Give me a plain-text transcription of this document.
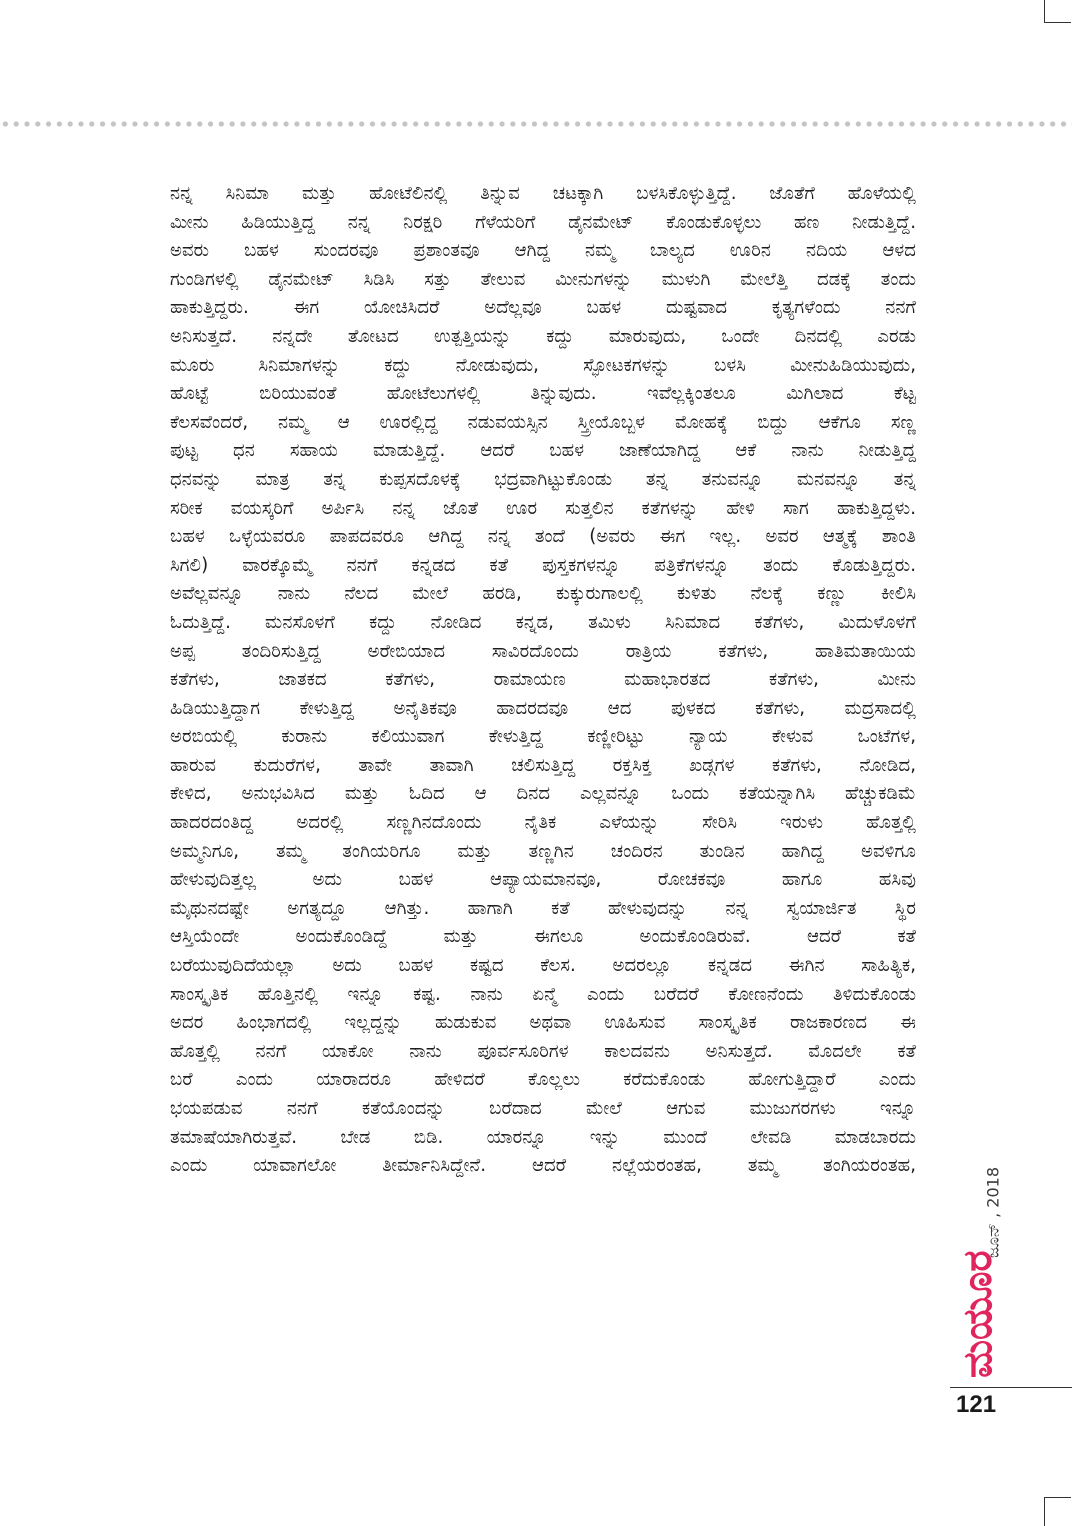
ನನ್ನ ಸಿನಿಮಾ ಮತ್ತು ಹೋಟೆಲಿನಲ್ಲಿ ತಿನ್ನುವ ಚಟಕ್ಕಾಗಿ ಬಳಸಿಕೊಳ್ಳುತ್ತಿದ್ದೆ. ಜೊತೆಗೆ ಹೊಳೆಯಲ್ಲಿ
ಮೀನು ಹಿಡಿಯುತ್ತಿದ್ದ ನನ್ನ ನಿರಕ್ಷರಿ ಗೆಳೆಯರಿಗೆ ಡೈನಮೇಟ್ ಕೊಂಡುಕೊಳ್ಳಲು ಹಣ ನೀಡುತ್ತಿದ್ದೆ.
ಅವರು ಬಹಳ ಸುಂದರವೂ ಪ್ರಶಾಂತವೂ ಆಗಿದ್ದ ನಮ್ಮ ಬಾಲ್ಯದ ಊರಿನ ನದಿಯ ಆಳದ
ಗುಂಡಿಗಳಲ್ಲಿ ಡೈನಮೇಟ್ ಸಿಡಿಸಿ ಸತ್ತು ತೇಲುವ ಮೀನುಗಳನ್ನು ಮುಳುಗಿ ಮೇಲೆತ್ತಿ ದಡಕ್ಕೆ ತಂದು
ಹಾಕುತ್ತಿದ್ದರು. ಈಗ ಯೋಚಿಸಿದರೆ ಅದೆಲ್ಲವೂ ಬಹಳ ದುಷ್ಟವಾದ ಕೃತ್ಯಗಳೆಂದು ನನಗೆ
ಅನಿಸುತ್ತದೆ. ನನ್ನದೇ ತೋಟದ ಉತ್ಪತ್ತಿಯನ್ನು ಕದ್ದು ಮಾರುವುದು, ಒಂದೇ ದಿನದಲ್ಲಿ ಎರಡು
ಮೂರು ಸಿನಿಮಾಗಳನ್ನು ಕದ್ದು ನೋಡುವುದು, ಸ್ಫೋಟಕಗಳನ್ನು ಬಳಸಿ ಮೀನುಹಿಡಿಯುವುದು,
ಹೊಟ್ಟೆ ಬಿರಿಯುವಂತೆ ಹೋಟೆಲುಗಳಲ್ಲಿ ತಿನ್ನುವುದು. ಇವೆಲ್ಲಕ್ಕಿಂತಲೂ ಮಿಗಿಲಾದ ಕೆಟ್ಟ
ಕೆಲಸವೆಂದರೆ, ನಮ್ಮ ಆ ಊರಲ್ಲಿದ್ದ ನಡುವಯಸ್ಸಿನ ಸ್ತ್ರೀಯೊಬ್ಬಳ ಮೋಹಕ್ಕೆ ಬಿದ್ದು ಆಕೆಗೂ ಸಣ್ಣ
ಪುಟ್ಟ ಧನ ಸಹಾಯ ಮಾಡುತ್ತಿದ್ದೆ. ಆದರೆ ಬಹಳ ಜಾಣೆಯಾಗಿದ್ದ ಆಕೆ ನಾನು ನೀಡುತ್ತಿದ್ದ
ಧನವನ್ನು ಮಾತ್ರ ತನ್ನ ಕುಪ್ಪಸದೊಳಕ್ಕೆ ಭದ್ರವಾಗಿಟ್ಟುಕೊಂಡು ತನ್ನ ತನುವನ್ನೂ ಮನವನ್ನೂ ತನ್ನ
ಸರೀಕ ವಯಸ್ಕರಿಗೆ ಅರ್ಪಿಸಿ ನನ್ನ ಜೊತೆ ಊರ ಸುತ್ತಲಿನ ಕತೆಗಳನ್ನು ಹೇಳಿ ಸಾಗ ಹಾಕುತ್ತಿದ್ದಳು.
ಬಹಳ ಒಳ್ಳೆಯವರೂ ಪಾಪದವರೂ ಆಗಿದ್ದ ನನ್ನ ತಂದೆ (ಅವರು ಈಗ ಇಲ್ಲ. ಅವರ ಆತ್ಮಕ್ಕೆ ಶಾಂತಿ
ಸಿಗಲಿ) ವಾರಕ್ಕೊಮ್ಮೆ ನನಗೆ ಕನ್ನಡದ ಕತೆ ಪುಸ್ತಕಗಳನ್ನೂ ಪತ್ರಿಕೆಗಳನ್ನೂ ತಂದು ಕೊಡುತ್ತಿದ್ದರು.
ಅವೆಲ್ಲವನ್ನೂ ನಾನು ನೆಲದ ಮೇಲೆ ಹರಡಿ, ಕುಕ್ಕುರುಗಾಲಲ್ಲಿ ಕುಳಿತು ನೆಲಕ್ಕೆ ಕಣ್ಣು ಕೀಲಿಸಿ
ಓದುತ್ತಿದ್ದೆ. ಮನಸೊಳಗೆ ಕದ್ದು ನೋಡಿದ ಕನ್ನಡ, ತಮಿಳು ಸಿನಿಮಾದ ಕತೆಗಳು, ಮಿದುಳೊಳಗೆ
ಅಪ್ಪ ತಂದಿರಿಸುತ್ತಿದ್ದ ಅರೇಬಿಯಾದ ಸಾವಿರದೊಂದು ರಾತ್ರಿಯ ಕತೆಗಳು, ಹಾತಿಮತಾಯಿಯ
ಕತೆಗಳು, ಜಾತಕದ ಕತೆಗಳು, ರಾಮಾಯಣ ಮಹಾಭಾರತದ ಕತೆಗಳು, ಮೀನು
ಹಿಡಿಯುತ್ತಿದ್ದಾಗ ಕೇಳುತ್ತಿದ್ದ ಅನೈತಿಕವೂ ಹಾದರದವೂ ಆದ ಪುಳಕದ ಕತೆಗಳು, ಮದ್ರಸಾದಲ್ಲಿ
ಅರಬಿಯಲ್ಲಿ ಕುರಾನು ಕಲಿಯುವಾಗ ಕೇಳುತ್ತಿದ್ದ ಕಣ್ಣೀರಿಟ್ಟು ನ್ಯಾಯ ಕೇಳುವ ಒಂಟೆಗಳ,
ಹಾರುವ ಕುದುರೆಗಳ, ತಾವೇ ತಾವಾಗಿ ಚಲಿಸುತ್ತಿದ್ದ ರಕ್ತಸಿಕ್ತ ಖಡ್ಗಗಳ ಕತೆಗಳು, ನೋಡಿದ,
ಕೇಳಿದ, ಅನುಭವಿಸಿದ ಮತ್ತು ಓದಿದ ಆ ದಿನದ ಎಲ್ಲವನ್ನೂ ಒಂದು ಕತೆಯನ್ನಾಗಿಸಿ ಹೆಚ್ಚುಕಡಿಮೆ
ಹಾದರದಂತಿದ್ದ ಅದರಲ್ಲಿ ಸಣ್ಣಗಿನದೊಂದು ನೈತಿಕ ಎಳೆಯನ್ನು ಸೇರಿಸಿ ಇರುಳು ಹೊತ್ತಲ್ಲಿ
ಅಮ್ಮನಿಗೂ, ತಮ್ಮ ತಂಗಿಯರಿಗೂ ಮತ್ತು ತಣ್ಣಗಿನ ಚಂದಿರನ ತುಂಡಿನ ಹಾಗಿದ್ದ ಅವಳಿಗೂ
ಹೇಳುವುದಿತ್ತಲ್ಲ ಅದು ಬಹಳ ಆಪ್ಯಾಯಮಾನವೂ, ರೋಚಕವೂ ಹಾಗೂ ಹಸಿವು
ಮೈಥುನದಷ್ಟೇ ಅಗತ್ಯದ್ದೂ ಆಗಿತ್ತು. ಹಾಗಾಗಿ ಕತೆ ಹೇಳುವುದನ್ನು ನನ್ನ ಸ್ವಯಾರ್ಜಿತ ಸ್ಥಿರ
ಆಸ್ತಿಯೆಂದೇ ಅಂದುಕೊಂಡಿದ್ದೆ ಮತ್ತು ಈಗಲೂ ಅಂದುಕೊಂಡಿರುವೆ. ಆದರೆ ಕತೆ
ಬರೆಯುವುದಿದೆಯಲ್ಲಾ ಅದು ಬಹಳ ಕಷ್ಟದ ಕೆಲಸ. ಅದರಲ್ಲೂ ಕನ್ನಡದ ಈಗಿನ ಸಾಹಿತ್ಯಿಕ,
ಸಾಂಸ್ಕೃತಿಕ ಹೊತ್ತಿನಲ್ಲಿ ಇನ್ನೂ ಕಷ್ಟ. ನಾನು ಏನ್ಮೆ ಎಂದು ಬರೆದರೆ ಕೋಣನೆಂದು ತಿಳಿದುಕೊಂಡು
ಅದರ ಹಿಂಭಾಗದಲ್ಲಿ ಇಲ್ಲದ್ದನ್ನು ಹುಡುಕುವ ಅಥವಾ ಊಹಿಸುವ ಸಾಂಸ್ಕೃತಿಕ ರಾಜಕಾರಣದ ಈ
ಹೊತ್ತಲ್ಲಿ ನನಗೆ ಯಾಕೋ ನಾನು ಪೂರ್ವಸೂರಿಗಳ ಕಾಲದವನು ಅನಿಸುತ್ತದೆ. ಮೊದಲೇ ಕತೆ
ಬರೆ ಎಂದು ಯಾರಾದರೂ ಹೇಳಿದರೆ ಕೊಲ್ಲಲು ಕರೆದುಕೊಂಡು ಹೋಗುತ್ತಿದ್ದಾರೆ ಎಂದು
ಭಯಪಡುವ ನನಗೆ ಕತೆಯೊಂದನ್ನು ಬರೆದಾದ ಮೇಲೆ ಆಗುವ ಮುಜುಗರಗಳು ಇನ್ನೂ
ತಮಾಷೆಯಾಗಿರುತ್ತವೆ. ಬೇಡ ಬಿಡಿ. ಯಾರನ್ನೂ ಇನ್ನು ಮುಂದೆ ಲೇವಡಿ ಮಾಡಬಾರದು
ಎಂದು ಯಾವಾಗಲೋ ತೀರ್ಮಾನಿಸಿದ್ದೇನೆ. ಆದರೆ ನಲ್ಲೆಯರಂತಹ, ತಮ್ಮ ತಂಗಿಯರಂತಹ,
ಜೂನ್ , 2018
ಮಯೂರ
121
